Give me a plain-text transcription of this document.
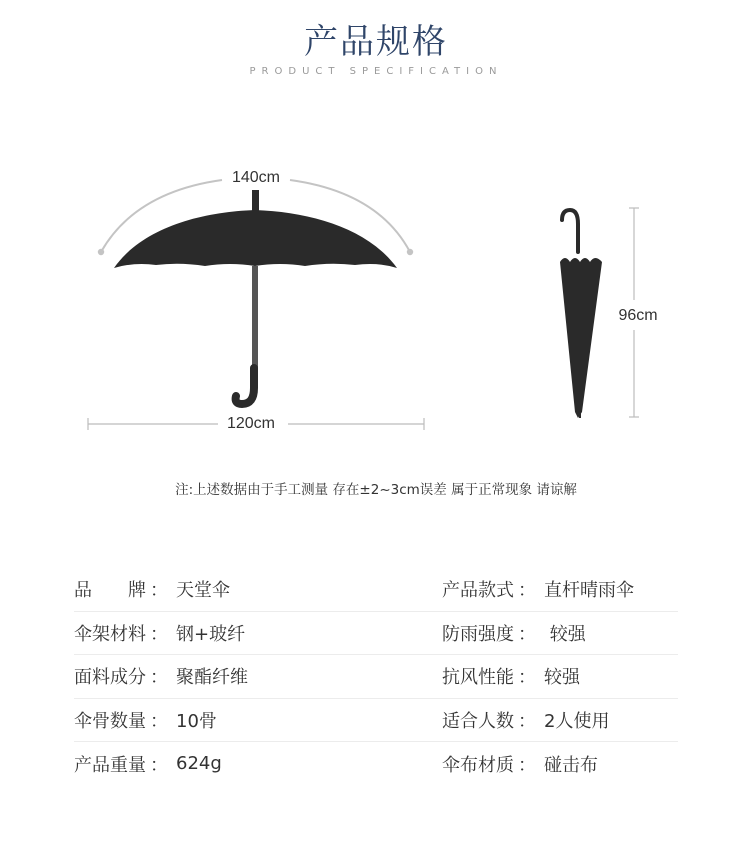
产品规格
PRODUCT SPECIFICATION
140cm
120cm
96cm
注:上述数据由于手工测量 存在±2~3cm误差 属于正常现象 请谅解
品　　牌 ： 天堂伞	产品款式 ： 直杆晴雨伞
伞架材料 ： 钢+玻纤	防雨强度 ： 较强
面料成分 ： 聚酯纤维	抗风性能 ： 较强
伞骨数量 ： 10骨	适合人数 ： 2人使用
产品重量 ： 624g	伞布材质 ： 碰击布
